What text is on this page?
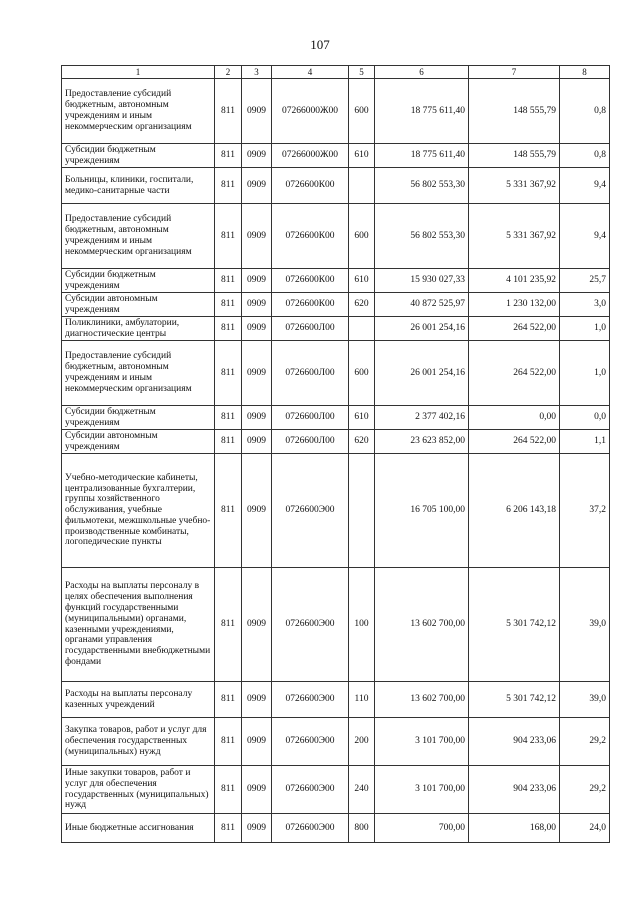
107
1	2	3	4	5	6	7	8
Предоставление субсидий бюджетным, автономным учреждениям и иным некоммерческим организациям	811	0909	07266000Ж00	600	18 775 611,40	148 555,79	0,8
Субсидии бюджетным учреждениям	811	0909	07266000Ж00	610	18 775 611,40	148 555,79	0,8
Больницы, клиники, госпитали, медико-санитарные части	811	0909	0726600К00		56 802 553,30	5 331 367,92	9,4
Предоставление субсидий бюджетным, автономным учреждениям и иным некоммерческим организациям	811	0909	0726600К00	600	56 802 553,30	5 331 367,92	9,4
Субсидии бюджетным учреждениям	811	0909	0726600К00	610	15 930 027,33	4 101 235,92	25,7
Субсидии автономным учреждениям	811	0909	0726600К00	620	40 872 525,97	1 230 132,00	3,0
Поликлиники, амбулатории, диагностические центры	811	0909	0726600Л00		26 001 254,16	264 522,00	1,0
Предоставление субсидий бюджетным, автономным учреждениям и иным некоммерческим организациям	811	0909	0726600Л00	600	26 001 254,16	264 522,00	1,0
Субсидии бюджетным учреждениям	811	0909	0726600Л00	610	2 377 402,16	0,00	0,0
Субсидии автономным учреждениям	811	0909	0726600Л00	620	23 623 852,00	264 522,00	1,1
Учебно-методические кабинеты, централизованные бухгалтерии, группы хозяйственного обслуживания, учебные фильмотеки, межшкольные учебно-производственные комбинаты, логопедические пункты	811	0909	0726600Э00		16 705 100,00	6 206 143,18	37,2
Расходы на выплаты персоналу в целях обеспечения выполнения функций государственными (муниципальными) органами, казенными учреждениями, органами управления государственными внебюджетными фондами	811	0909	0726600Э00	100	13 602 700,00	5 301 742,12	39,0
Расходы на выплаты персоналу казенных учреждений	811	0909	0726600Э00	110	13 602 700,00	5 301 742,12	39,0
Закупка товаров, работ и услуг для обеспечения государственных (муниципальных) нужд	811	0909	0726600Э00	200	3 101 700,00	904 233,06	29,2
Иные закупки товаров, работ и услуг для обеспечения государственных (муниципальных) нужд	811	0909	0726600Э00	240	3 101 700,00	904 233,06	29,2
Иные бюджетные ассигнования	811	0909	0726600Э00	800	700,00	168,00	24,0
